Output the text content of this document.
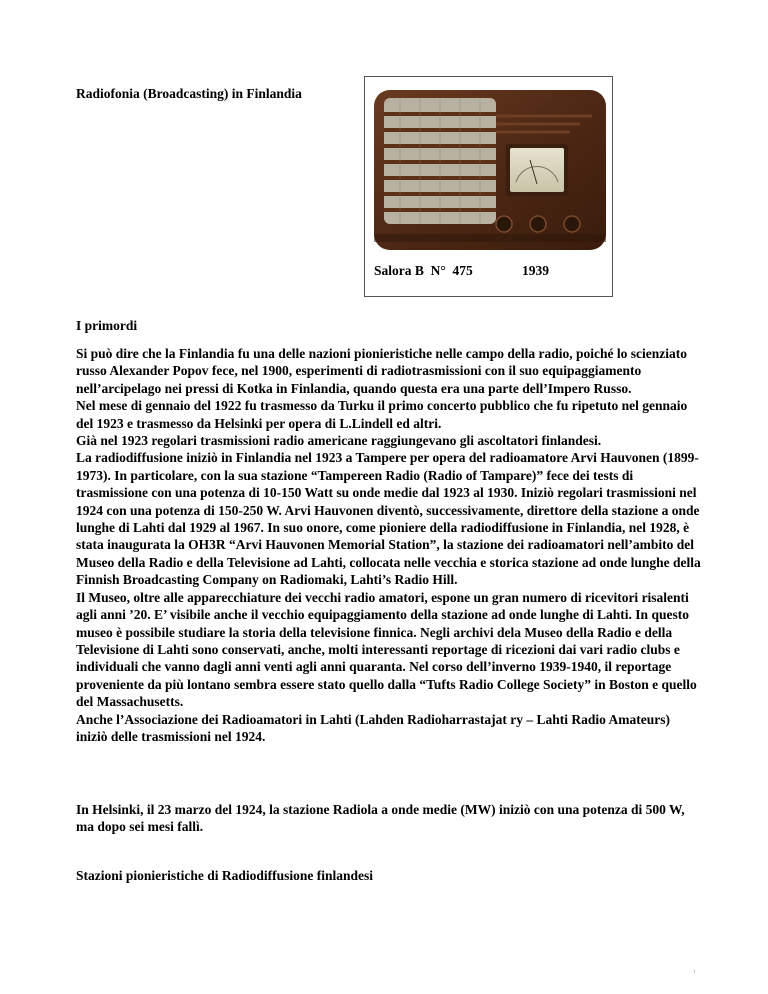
Radiofonia (Broadcasting) in Finlandia
Salora B  N°  475	1939
I primordi

Si può dire che la Finlandia fu una delle nazioni pionieristiche nelle campo della radio, poiché lo scienziato russo Alexander Popov fece, nel 1900, esperimenti di radiotrasmissioni con il suo equipaggiamento nell’arcipelago nei pressi di Kotka in Finlandia, quando questa era una parte dell’Impero Russo.

Nel mese di gennaio del 1922 fu trasmesso da Turku il primo concerto pubblico che fu ripetuto nel gennaio del 1923 e trasmesso da Helsinki per opera di L.Lindell ed altri.

Già nel 1923 regolari trasmissioni radio americane raggiungevano gli ascoltatori finlandesi.

La radiodiffusione iniziò in Finlandia nel 1923 a Tampere per opera del radioamatore Arvi Hauvonen (1899-1973). In particolare, con la sua stazione “Tampereen Radio (Radio of Tampare)” fece dei tests di trasmissione con una potenza di 10-150 Watt su onde medie dal 1923 al 1930. Iniziò regolari trasmissioni nel 1924 con una potenza di 150-250 W. Arvi Hauvonen diventò, successivamente, direttore della stazione a onde lunghe di Lahti dal 1929 al 1967. In suo onore, come pioniere della radiodiffusione in Finlandia, nel 1928, è stata inaugurata la OH3R “Arvi Hauvonen Memorial Station”, la stazione dei radioamatori nell’ambito del Museo della Radio e della Televisione ad Lahti, collocata nelle vecchia e storica stazione ad onde lunghe della Finnish Broadcasting Company on Radiomaki, Lahti’s Radio Hill.

Il Museo, oltre alle apparecchiature dei vecchi radio amatori, espone un gran numero di ricevitori risalenti agli anni ’20. E’ visibile anche il vecchio equipaggiamento della stazione ad onde lunghe di Lahti. In questo museo è possibile studiare la storia della televisione finnica. Negli archivi dela Museo della Radio e della Televisione di Lahti sono conservati, anche, molti interessanti reportage di ricezioni dai vari radio clubs e individuali che vanno dagli anni venti agli anni quaranta. Nel corso dell’inverno 1939-1940, il reportage proveniente da più lontano sembra essere stato quello dalla “Tufts Radio College Society” in Boston e quello del Massachusetts.

Anche l’Associazione dei Radioamatori in Lahti (Lahden Radioharrastajat ry – Lahti Radio Amateurs) iniziò delle trasmissioni nel 1924.

In Helsinki, il 23 marzo del 1924, la stazione Radiola a onde medie (MW) iniziò con una potenza di 500 W, ma dopo sei mesi fallì.
Stazioni pionieristiche di Radiodiffusione finlandesi
1
